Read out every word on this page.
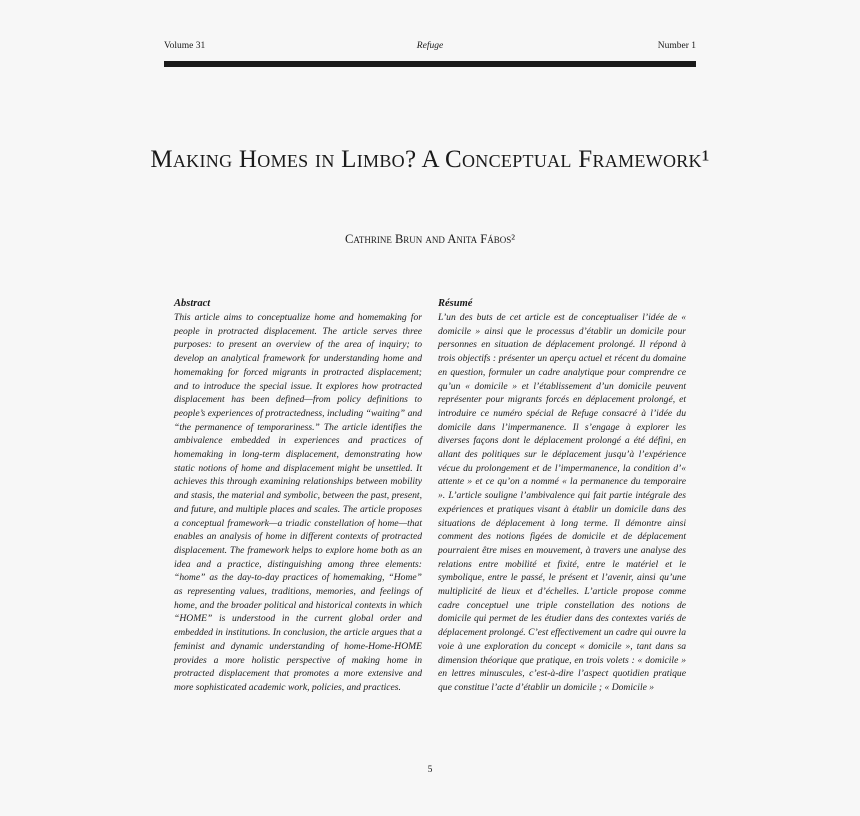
Volume 31	Refuge	Number 1
Making Homes in Limbo? A Conceptual Framework¹
Cathrine Brun and Anita Fábos²
Abstract

This article aims to conceptualize home and homemaking for people in protracted displacement. The article serves three purposes: to present an overview of the area of inquiry; to develop an analytical framework for understanding home and homemaking for forced migrants in protracted displacement; and to introduce the special issue. It explores how protracted displacement has been defined—from policy definitions to people’s experiences of protractedness, including “waiting” and “the permanence of temporariness.” The article identifies the ambivalence embedded in experiences and practices of homemaking in long-term displacement, demonstrating how static notions of home and displacement might be unsettled. It achieves this through examining relationships between mobility and stasis, the material and symbolic, between the past, present, and future, and multiple places and scales. The article proposes a conceptual framework—a triadic constellation of home—that enables an analysis of home in different contexts of protracted displacement. The framework helps to explore home both as an idea and a practice, distinguishing among three elements: “home” as the day-to-day practices of homemaking, “Home” as representing values, traditions, memories, and feelings of home, and the broader political and historical contexts in which “HOME” is understood in the current global order and embedded in institutions. In conclusion, the article argues that a feminist and dynamic understanding of home-Home-HOME provides a more holistic perspective of making home in protracted displacement that promotes a more extensive and more sophisticated academic work, policies, and practices.

Résumé

L’un des buts de cet article est de conceptualiser l’idée de « domicile » ainsi que le processus d’établir un domicile pour personnes en situation de déplacement prolongé. Il répond à trois objectifs : présenter un aperçu actuel et récent du domaine en question, formuler un cadre analytique pour comprendre ce qu’un « domicile » et l’établissement d’un domicile peuvent représenter pour migrants forcés en déplacement prolongé, et introduire ce numéro spécial de Refuge consacré à l’idée du domicile dans l’impermanence. Il s’engage à explorer les diverses façons dont le déplacement prolongé a été défini, en allant des politiques sur le déplacement jusqu’à l’expérience vécue du prolongement et de l’impermanence, la condition d’« attente » et ce qu’on a nommé « la permanence du temporaire ». L’article souligne l’ambivalence qui fait partie intégrale des expériences et pratiques visant à établir un domicile dans des situations de déplacement à long terme. Il démontre ainsi comment des notions figées de domicile et de déplacement pourraient être mises en mouvement, à travers une analyse des relations entre mobilité et fixité, entre le matériel et le symbolique, entre le passé, le présent et l’avenir, ainsi qu’une multiplicité de lieux et d’échelles. L’article propose comme cadre conceptuel une triple constellation des notions de domicile qui permet de les étudier dans des contextes variés de déplacement prolongé. C’est effectivement un cadre qui ouvre la voie à une exploration du concept « domicile », tant dans sa dimension théorique que pratique, en trois volets : « domicile » en lettres minuscules, c’est-à-dire l’aspect quotidien pratique que constitue l’acte d’établir un domicile ; « Domicile »

5
